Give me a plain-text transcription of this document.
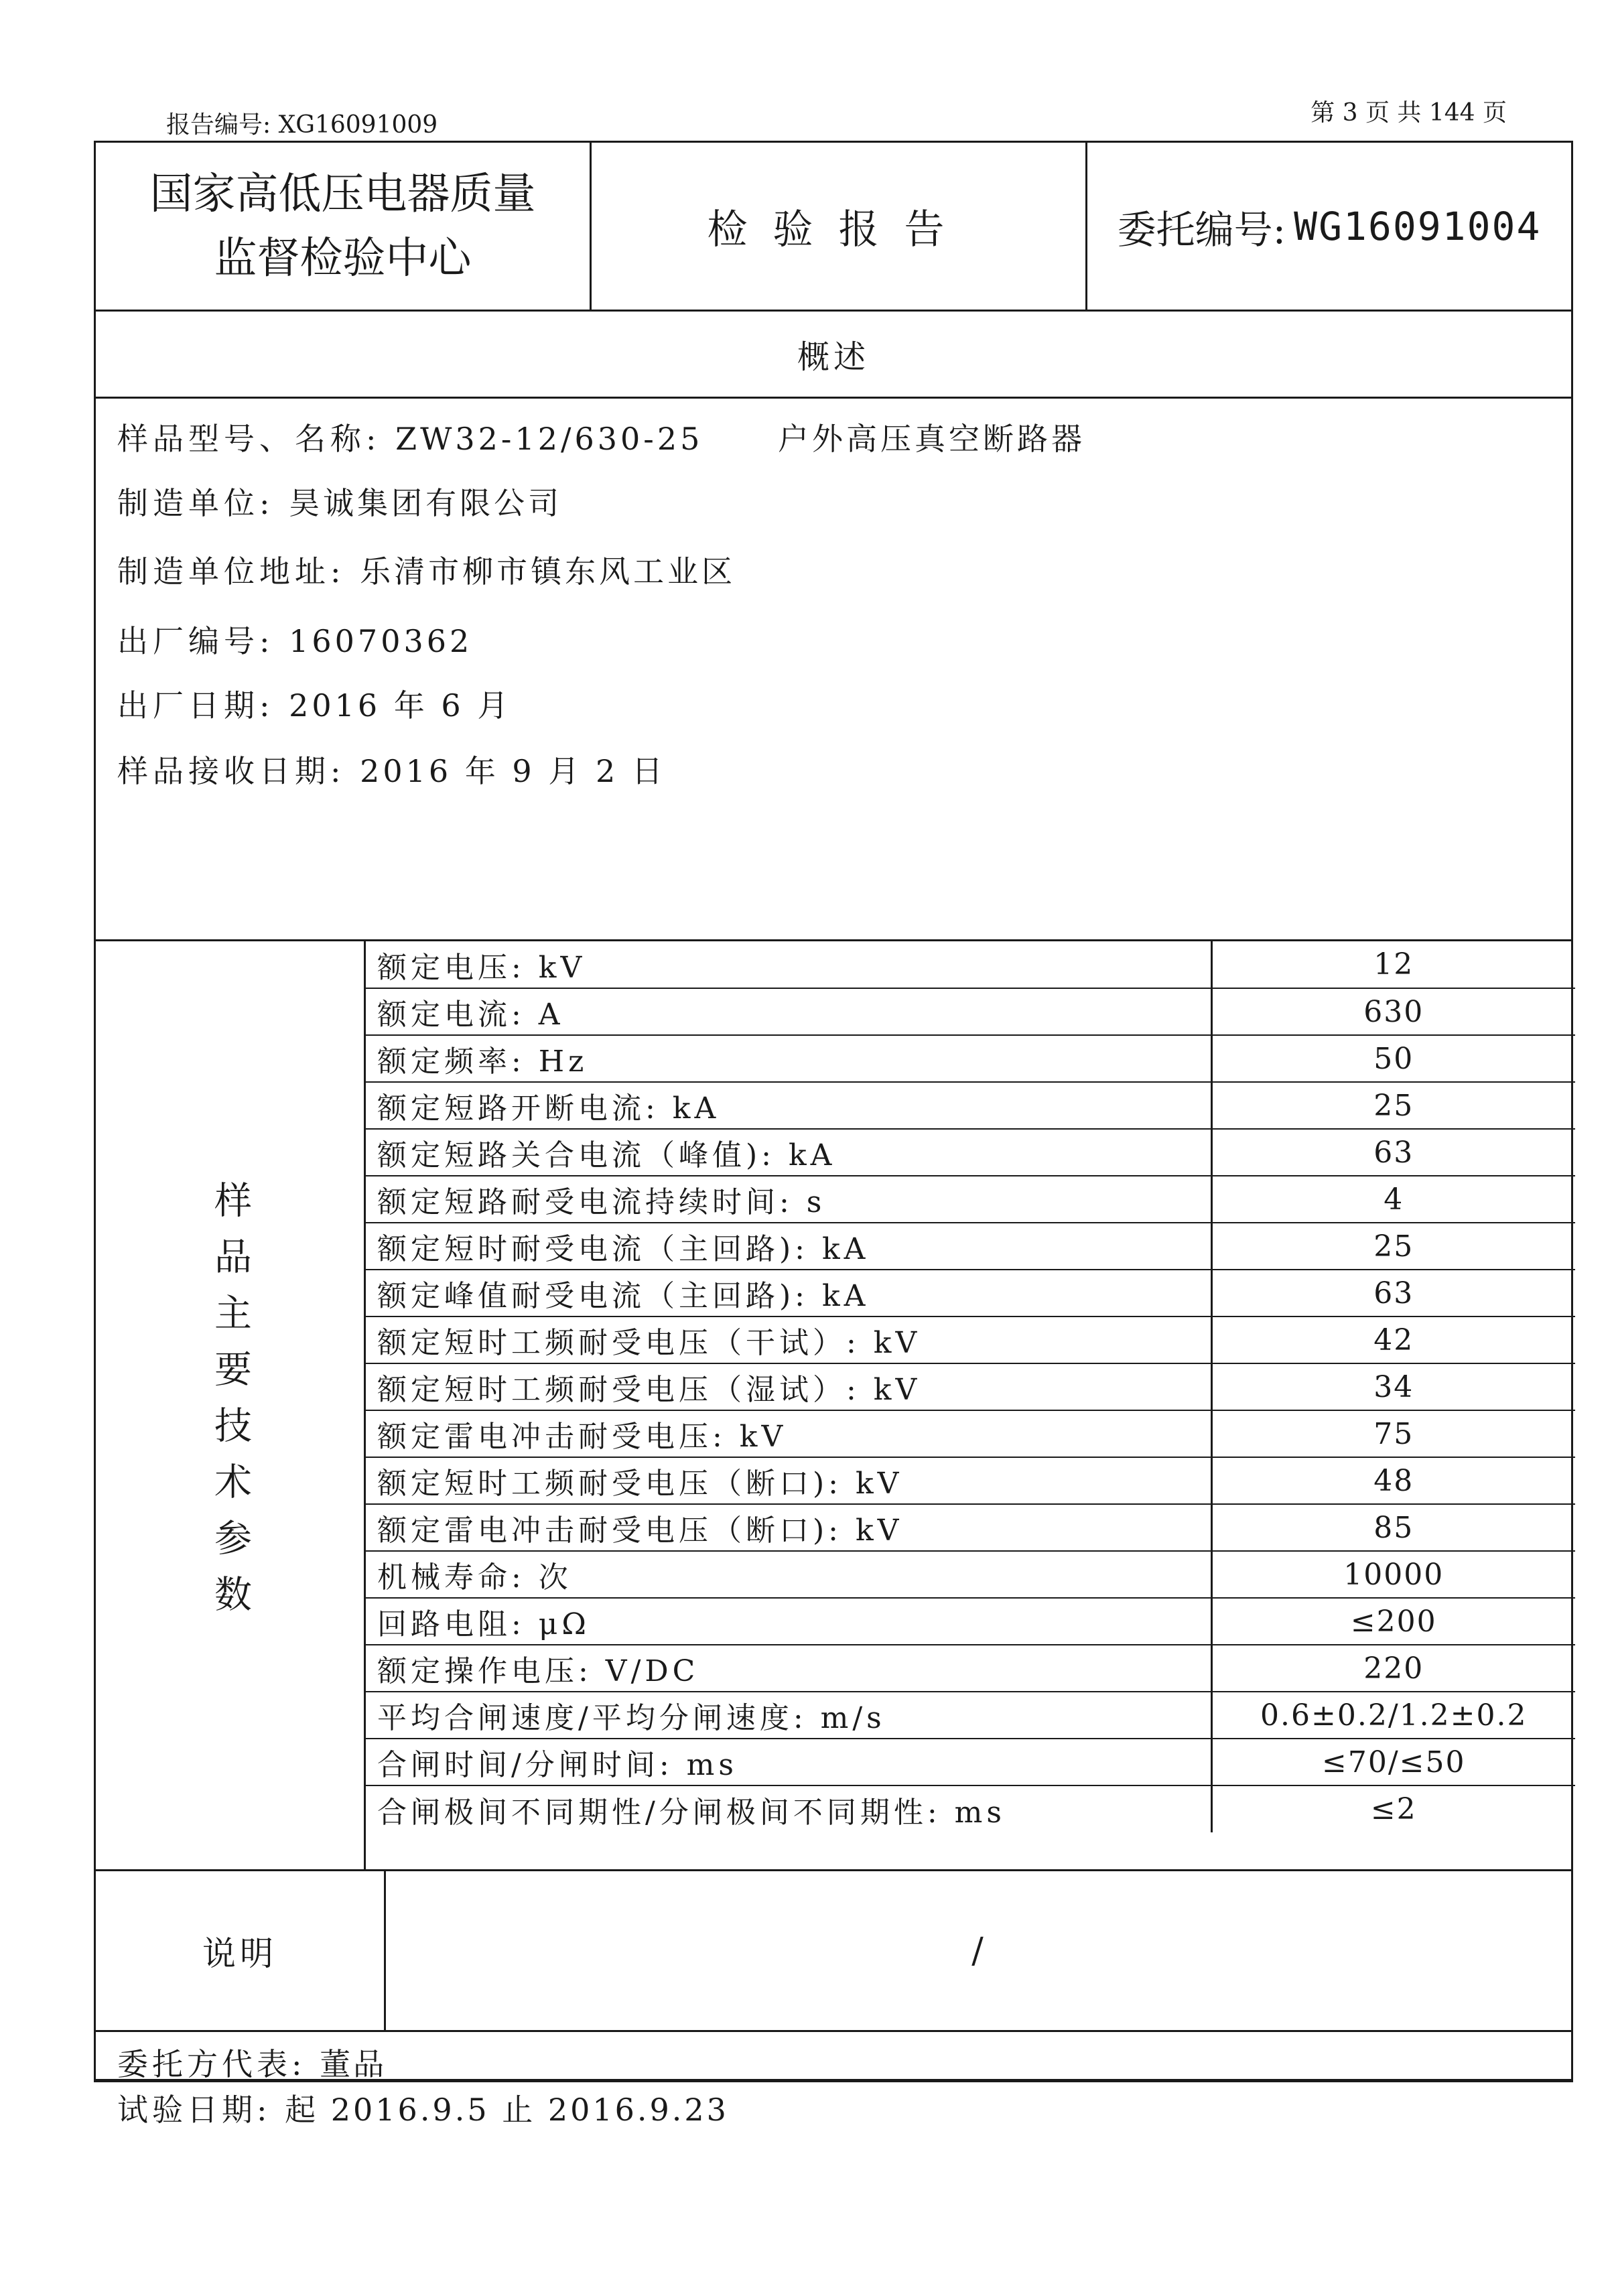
报告编号: XG16091009	第 3 页 共 144 页
国家高低压电器质量
监督检验中心
检验报告	委托编号: WG16091004
概述
样品型号、名称: ZW32-12/630-25 户外高压真空断路器
制造单位: 昊诚集团有限公司
制造单位地址: 乐清市柳市镇东风工业区
出厂编号: 16070362
出厂日期: 2016 年 6 月
样品接收日期: 2016 年 9 月 2 日
样品主要技术参数
额定电压: kV	12
额定电流: A	630
额定频率: Hz	50
额定短路开断电流: kA	25
额定短路关合电流（峰值): kA	63
额定短路耐受电流持续时间: s	4
额定短时耐受电流（主回路): kA	25
额定峰值耐受电流（主回路): kA	63
额定短时工频耐受电压（干试）: kV	42
额定短时工频耐受电压（湿试）: kV	34
额定雷电冲击耐受电压: kV	75
额定短时工频耐受电压（断口): kV	48
额定雷电冲击耐受电压（断口): kV	85
机械寿命: 次	10000
回路电阻: μΩ	≤200
额定操作电压: V/DC	220
平均合闸速度/平均分闸速度: m/s	0.6±0.2/1.2±0.2
合闸时间/分闸时间: ms	≤70/≤50
合闸极间不同期性/分闸极间不同期性: ms	≤2
说明	/
委托方代表: 董品
试验日期: 起 2016.9.5 止 2016.9.23
